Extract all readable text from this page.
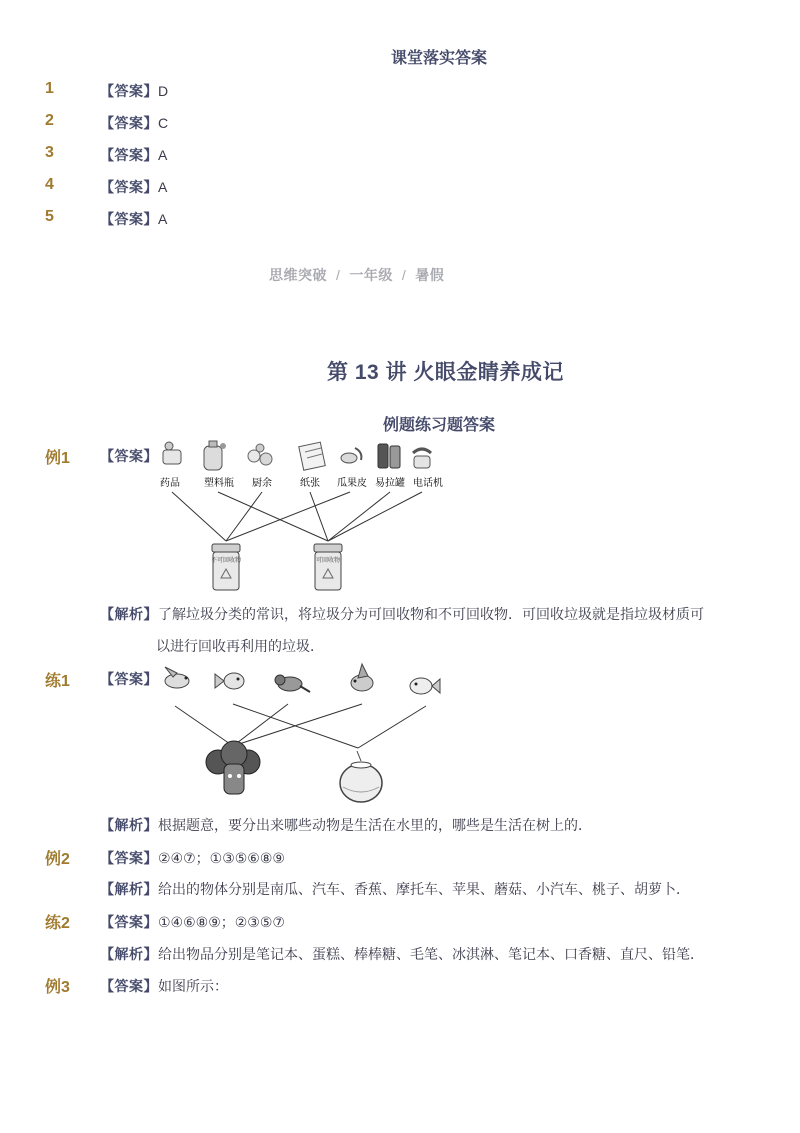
课堂落实答案
1	【答案】 D
2	【答案】 C
3	【答案】 A
4	【答案】 A
5	【答案】 A
思维突破 / 一年级 / 暑假
第 13 讲 火眼金睛养成记
例题练习题答案
例1 【答案】
药品 塑料瓶 厨余	纸张 瓜果皮 易拉罐 电话机
不可回收物	可回收物
【解析】 了解垃圾分类的常识，将垃圾分为可回收物和不可回收物．可回收垃圾就是指垃圾材质可
以进行回收再利用的垃圾．
练1 【答案】
【解析】 根据题意，要分出来哪些动物是生活在水里的，哪些是生活在树上的．
例2 【答案】 ②④⑦；①③⑤⑥⑧⑨
【解析】 给出的物体分别是南瓜、汽车、香蕉、摩托车、苹果、蘑菇、小汽车、桃子、胡萝卜．
练2 【答案】 ①④⑥⑧⑨；②③⑤⑦
【解析】 给出物品分别是笔记本、蛋糕、棒棒糖、毛笔、冰淇淋、笔记本、口香糖、直尺、铅笔．
例3 【答案】 如图所示：
